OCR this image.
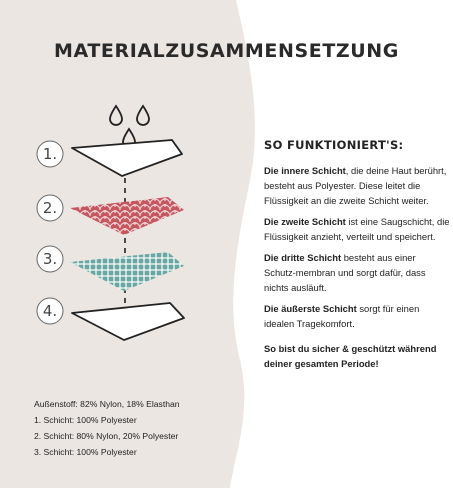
MATERIALZUSAMMENSETZUNG
1.
2.
3.
4.
SO FUNKTIONIERT'S:

Die innere Schicht, die deine Haut berührt, besteht aus Polyester. Diese leitet die Flüssigkeit an die zweite Schicht weiter.

Die zweite Schicht ist eine Saugschicht, die Flüssigkeit anzieht, verteilt und speichert.

Die dritte Schicht besteht aus einer Schutz-membran und sorgt dafür, dass nichts ausläuft.

Die äußerste Schicht sorgt für einen idealen Tragekomfort.

So bist du sicher & geschützt während deiner gesamten Periode!

Außenstoff: 82% Nylon, 18% Elasthan
1. Schicht: 100% Polyester
2. Schicht: 80% Nylon, 20% Polyester
3. Schicht: 100% Polyester
